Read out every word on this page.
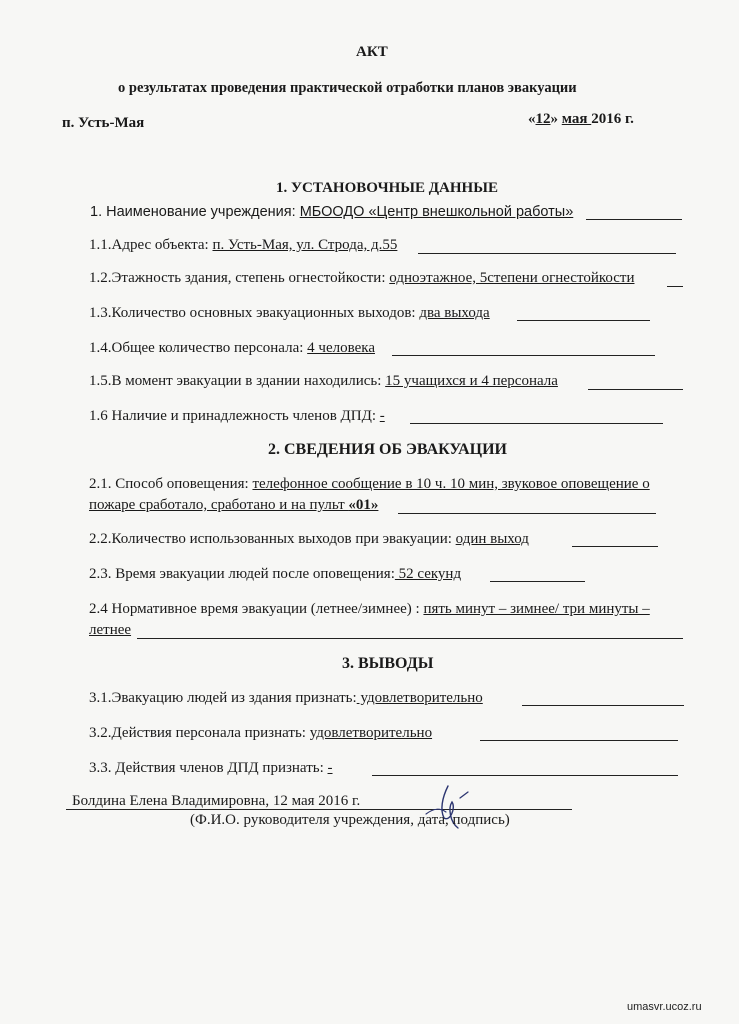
АКТ
о результатах проведения практической отработки планов эвакуации
п. Усть-Мая	«12» мая 2016 г.
1. УСТАНОВОЧНЫЕ ДАННЫЕ
1. Наименование учреждения: МБООДО «Центр внешкольной работы»
1.1.Адрес объекта: п. Усть-Мая, ул. Строда, д.55
1.2.Этажность здания, степень огнестойкости: одноэтажное, 5степени огнестойкости
1.3.Количество основных эвакуационных выходов: два выхода
1.4.Общее количество персонала: 4 человека
1.5.В момент эвакуации в здании находились: 15 учащихся и 4 персонала
1.6 Наличие и принадлежность членов ДПД: -
2. СВЕДЕНИЯ ОБ ЭВАКУАЦИИ
2.1. Способ оповещения: телефонное сообщение в 10 ч. 10 мин, звуковое оповещение о
пожаре сработало, сработано и на пульт «01»
2.2.Количество использованных выходов при эвакуации: один выход
2.3. Время эвакуации людей после оповещения: 52 секунд
2.4 Нормативное время эвакуации (летнее/зимнее) : пять минут – зимнее/ три минуты –
летнее
3. ВЫВОДЫ
3.1.Эвакуацию людей из здания признать: удовлетворительно
3.2.Действия персонала признать: удовлетворительно
3.3. Действия членов ДПД признать: -
Болдина Елена Владимировна, 12 мая 2016 г.
(Ф.И.О. руководителя учреждения, дата, подпись)
umasvr.ucoz.ru
